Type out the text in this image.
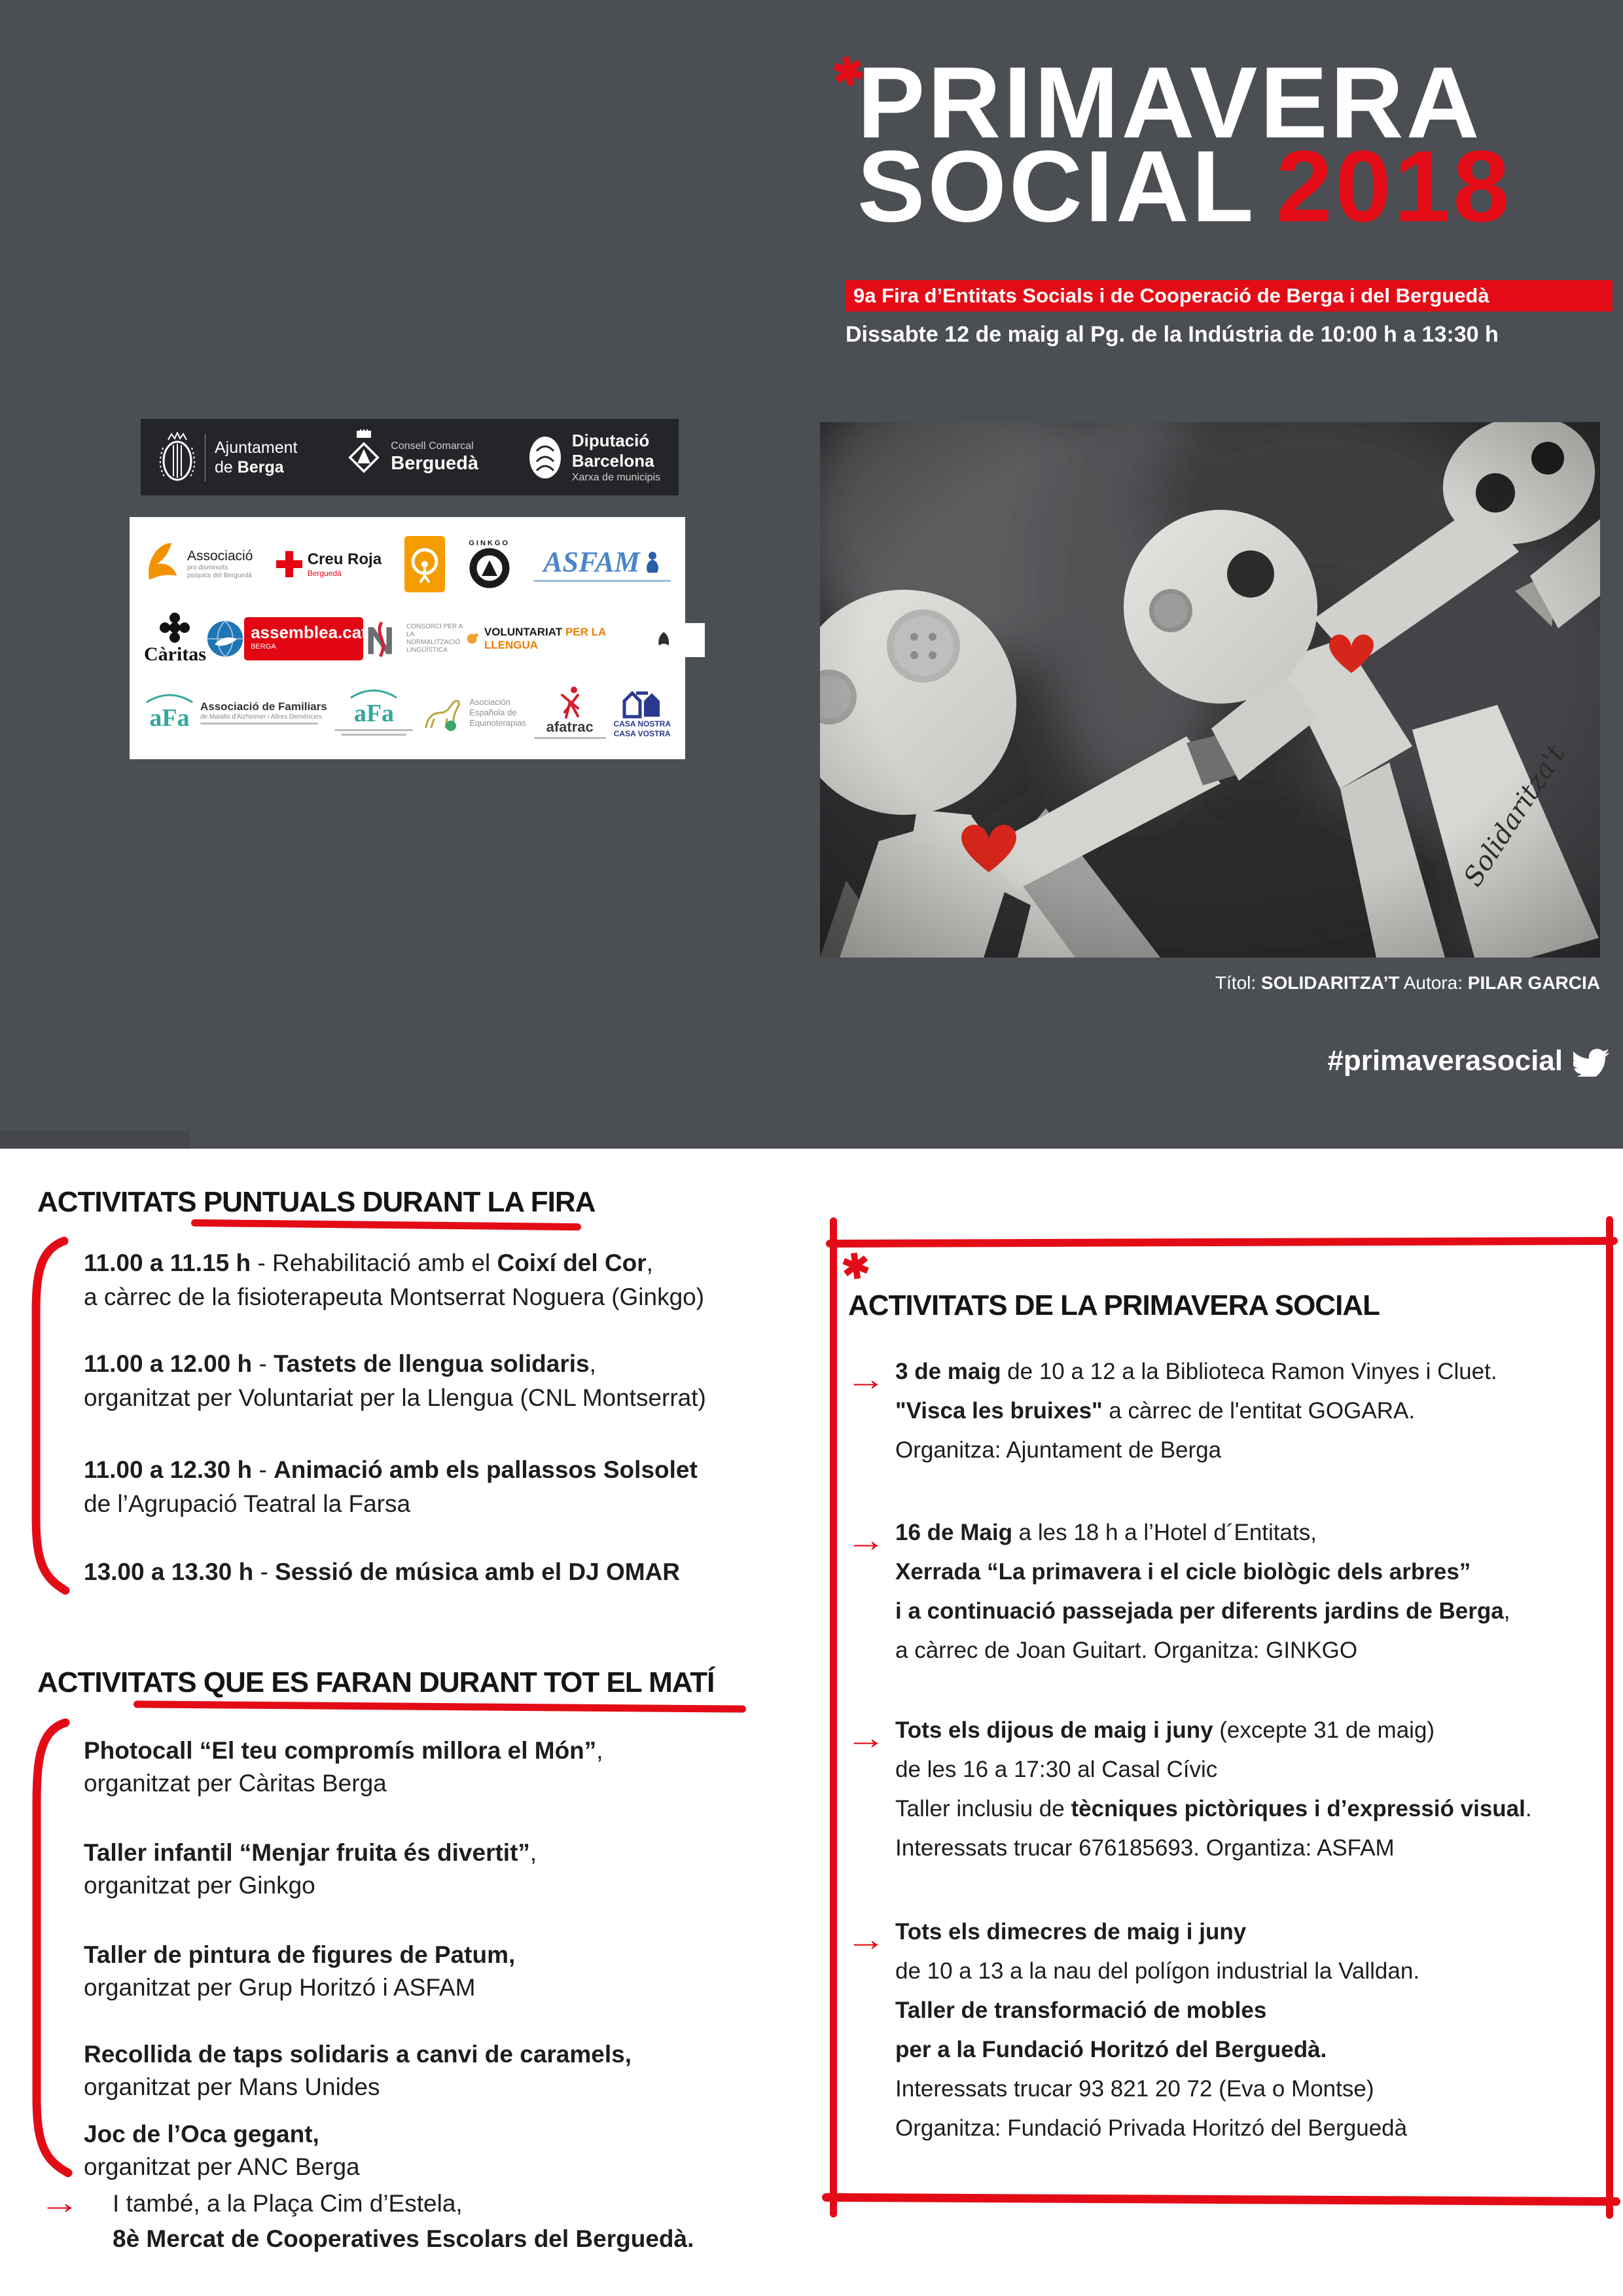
✱
PRIMAVERA
SOCIAL 2018
9a Fira d’Entitats Socials i de Cooperació de Berga i del Berguedà
Dissabte 12 de maig al Pg. de la Indústria de 10:00 h a 13:30 h
Ajuntament
de Berga
Consell Comarcal
Berguedà
Diputació
Barcelona
Xarxa de municipis
Associació
pro disminuïts
psíquics del Berguedà
Creu Roja
Berguedà
GINKGO
ASFAM
Càritas
assemblea.cat
BERGA
CONSORCI PER A
LA NORMALITZACIÓ
LINGÜÍSTICA
VOLUNTARIAT PER LA LLENGUA
aFa Associació de Familiars
de Malalts d'Alzheimer i Altres Demències aFa	Asociación
Española de
Equinoterapias afatrac	CASA NOSTRA
CASA VOSTRA
Títol: SOLIDARITZA’T Autora: PILAR GARCIA
#primaverasocial
ACTIVITATS PUNTUALS DURANT LA FIRA
11.00 a 11.15 h - Rehabilitació amb el Coixí del Cor,
a càrrec de la fisioterapeuta Montserrat Noguera (Ginkgo)
11.00 a 12.00 h - Tastets de llengua solidaris,
organitzat per Voluntariat per la Llengua (CNL Montserrat)
11.00 a 12.30 h - Animació amb els pallassos Solsolet
de l’Agrupació Teatral la Farsa
13.00 a 13.30 h - Sessió de música amb el DJ OMAR
ACTIVITATS QUE ES FARAN DURANT TOT EL MATÍ
Photocall “El teu compromís millora el Món”,
organitzat per Càritas Berga
Taller infantil “Menjar fruita és divertit”,
organitzat per Ginkgo
Taller de pintura de figures de Patum,
organitzat per Grup Horitzó i ASFAM
Recollida de taps solidaris a canvi de caramels,
organitzat per Mans Unides
Joc de l’Oca gegant,
organitzat per ANC Berga
→ I també, a la Plaça Cim d’Estela,
8è Mercat de Cooperatives Escolars del Berguedà.
✱
ACTIVITATS DE LA PRIMAVERA SOCIAL
→ 3 de maig de 10 a 12 a la Biblioteca Ramon Vinyes i Cluet.
"Visca les bruixes" a càrrec de l'entitat GOGARA.
Organitza: Ajuntament de Berga
→ 16 de Maig a les 18 h a l’Hotel d´Entitats,
Xerrada “La primavera i el cicle biològic dels arbres”
i a continuació passejada per diferents jardins de Berga,
a càrrec de Joan Guitart. Organitza: GINKGO
→ Tots els dijous de maig i juny (excepte 31 de maig)
de les 16 a 17:30 al Casal Cívic
Taller inclusiu de tècniques pictòriques i d’expressió visual.
Interessats trucar 676185693. Organtiza: ASFAM
→ Tots els dimecres de maig i juny
de 10 a 13 a la nau del polígon industrial la Valldan.
Taller de transformació de mobles
per a la Fundació Horitzó del Berguedà.
Interessats trucar 93 821 20 72 (Eva o Montse)
Organitza: Fundació Privada Horitzó del Berguedà
